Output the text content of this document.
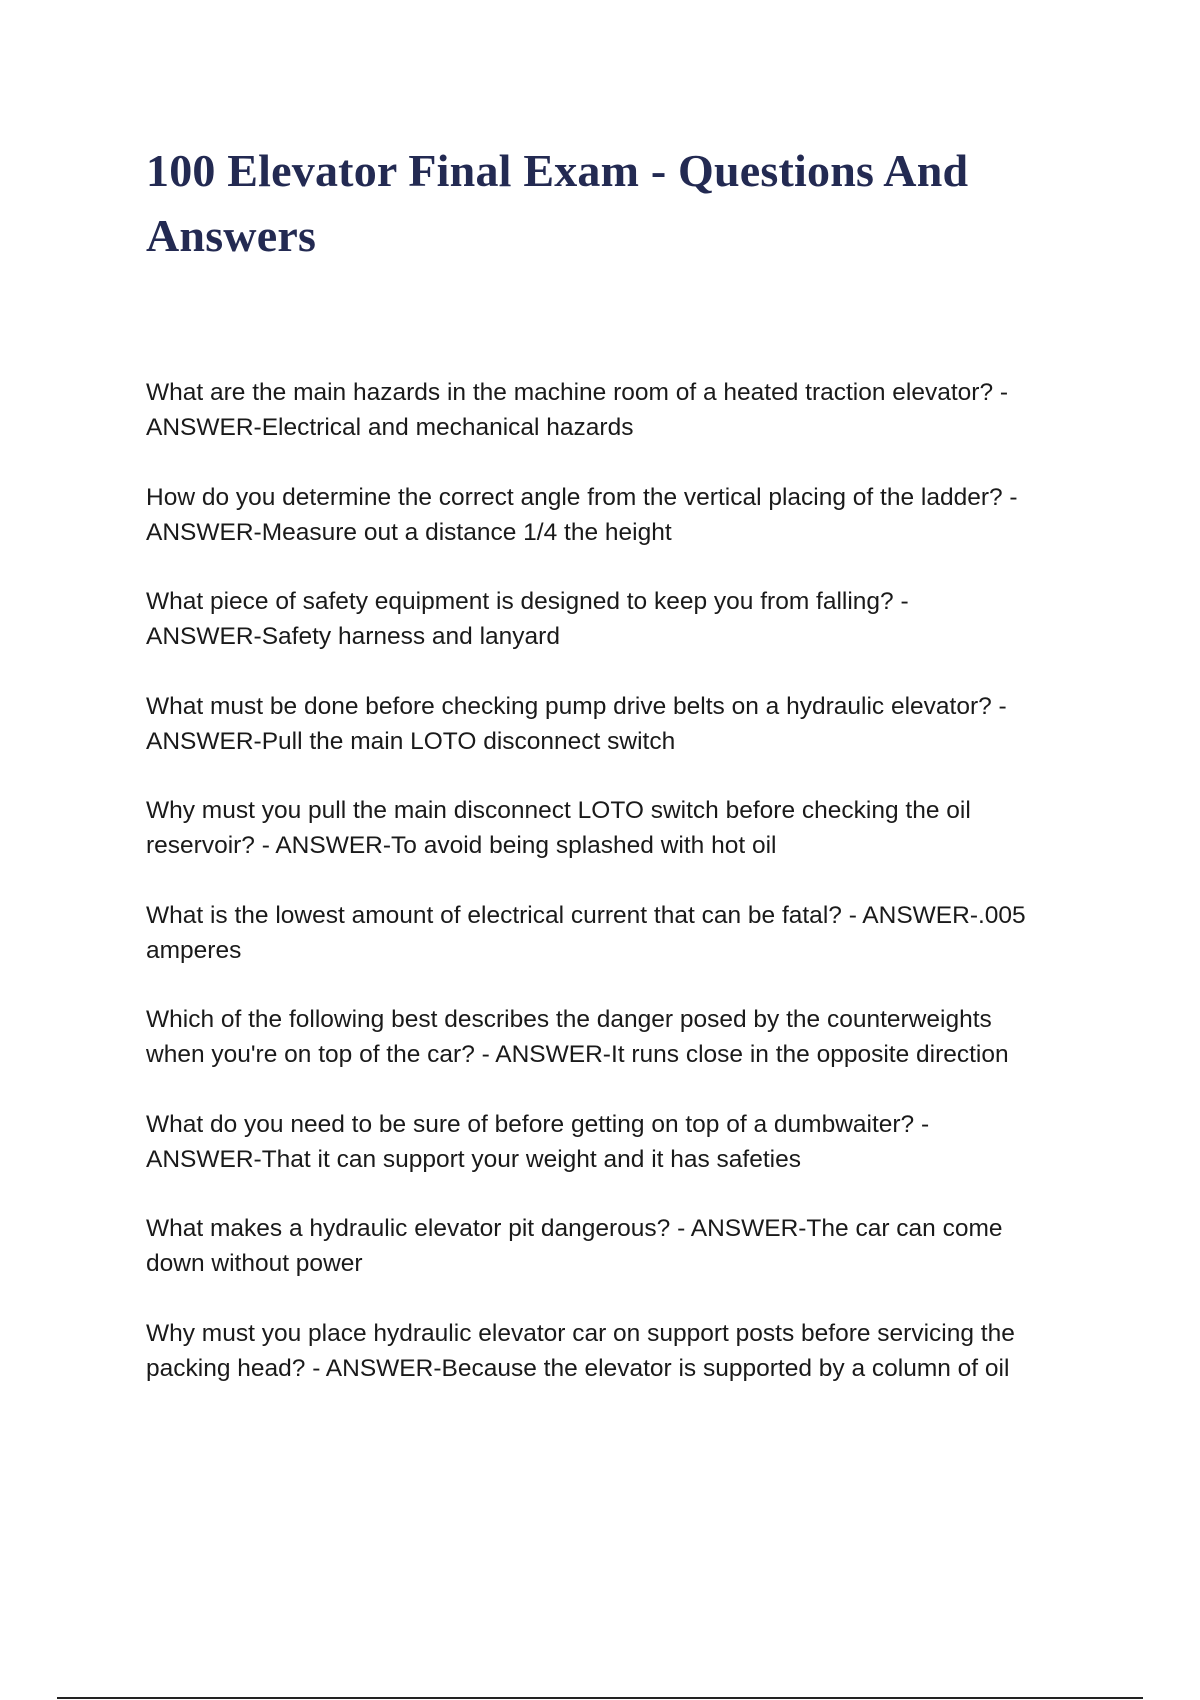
100 Elevator Final Exam - Questions And
Answers
What are the main hazards in the machine room of a heated traction elevator? -
ANSWER-Electrical and mechanical hazards
How do you determine the correct angle from the vertical placing of the ladder? -
ANSWER-Measure out a distance 1/4 the height
What piece of safety equipment is designed to keep you from falling? -
ANSWER-Safety harness and lanyard
What must be done before checking pump drive belts on a hydraulic elevator? -
ANSWER-Pull the main LOTO disconnect switch
Why must you pull the main disconnect LOTO switch before checking the oil
reservoir? - ANSWER-To avoid being splashed with hot oil
What is the lowest amount of electrical current that can be fatal? - ANSWER-.005
amperes
Which of the following best describes the danger posed by the counterweights
when you're on top of the car? - ANSWER-It runs close in the opposite direction
What do you need to be sure of before getting on top of a dumbwaiter? -
ANSWER-That it can support your weight and it has safeties
What makes a hydraulic elevator pit dangerous? - ANSWER-The car can come
down without power
Why must you place hydraulic elevator car on support posts before servicing the
packing head? - ANSWER-Because the elevator is supported by a column of oil
